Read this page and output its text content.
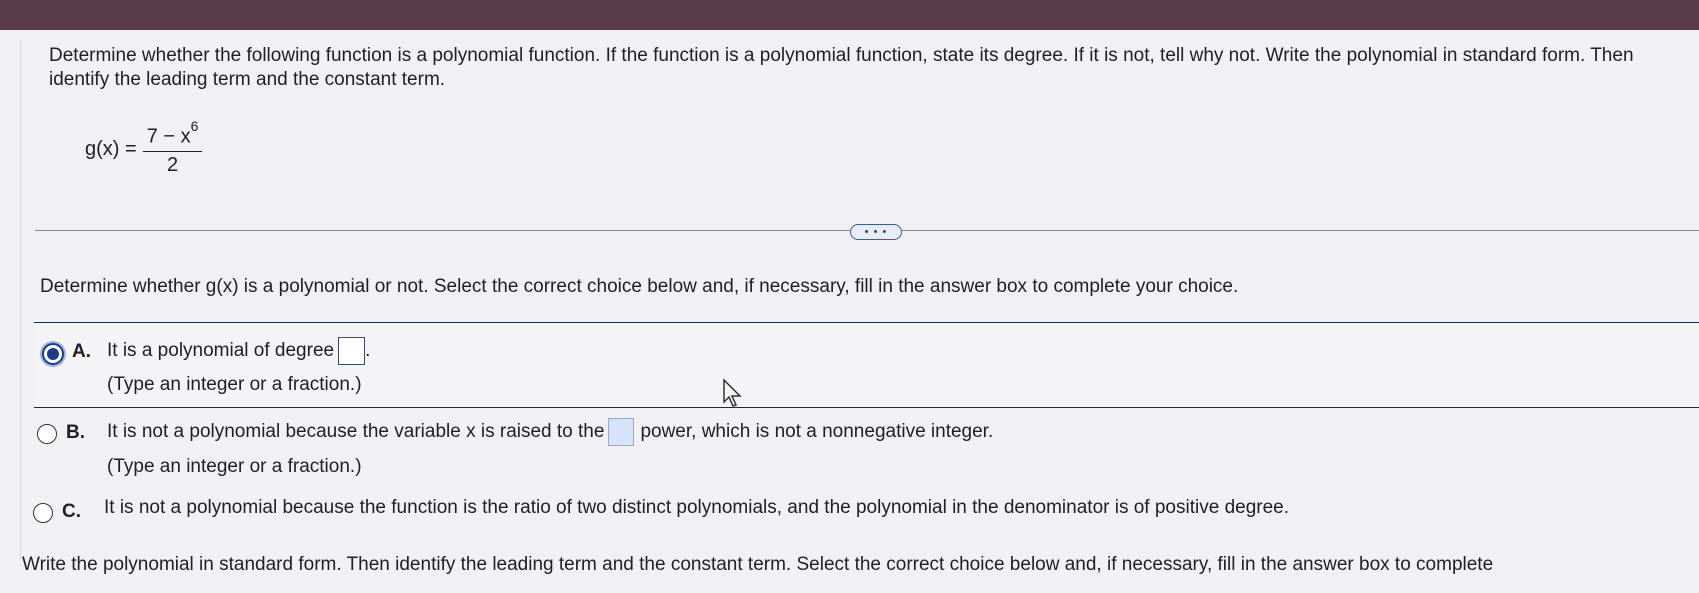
Determine whether the following function is a polynomial function. If the function is a polynomial function, state its degree. If it is not, tell why not. Write the polynomial in standard form. Then identify the leading term and the constant term.
$g(x) = \frac{7 - x^6}{2}$
• • •
Determine whether g(x) is a polynomial or not. Select the correct choice below and, if necessary, fill in the answer box to complete your choice.
A. It is a polynomial of degree .
(Type an integer or a fraction.)
B. It is not a polynomial because the variable x is raised to the power, which is not a nonnegative integer.
(Type an integer or a fraction.)
C. It is not a polynomial because the function is the ratio of two distinct polynomials, and the polynomial in the denominator is of positive degree.
Write the polynomial in standard form. Then identify the leading term and the constant term. Select the correct choice below and, if necessary, fill in the answer box to complete
